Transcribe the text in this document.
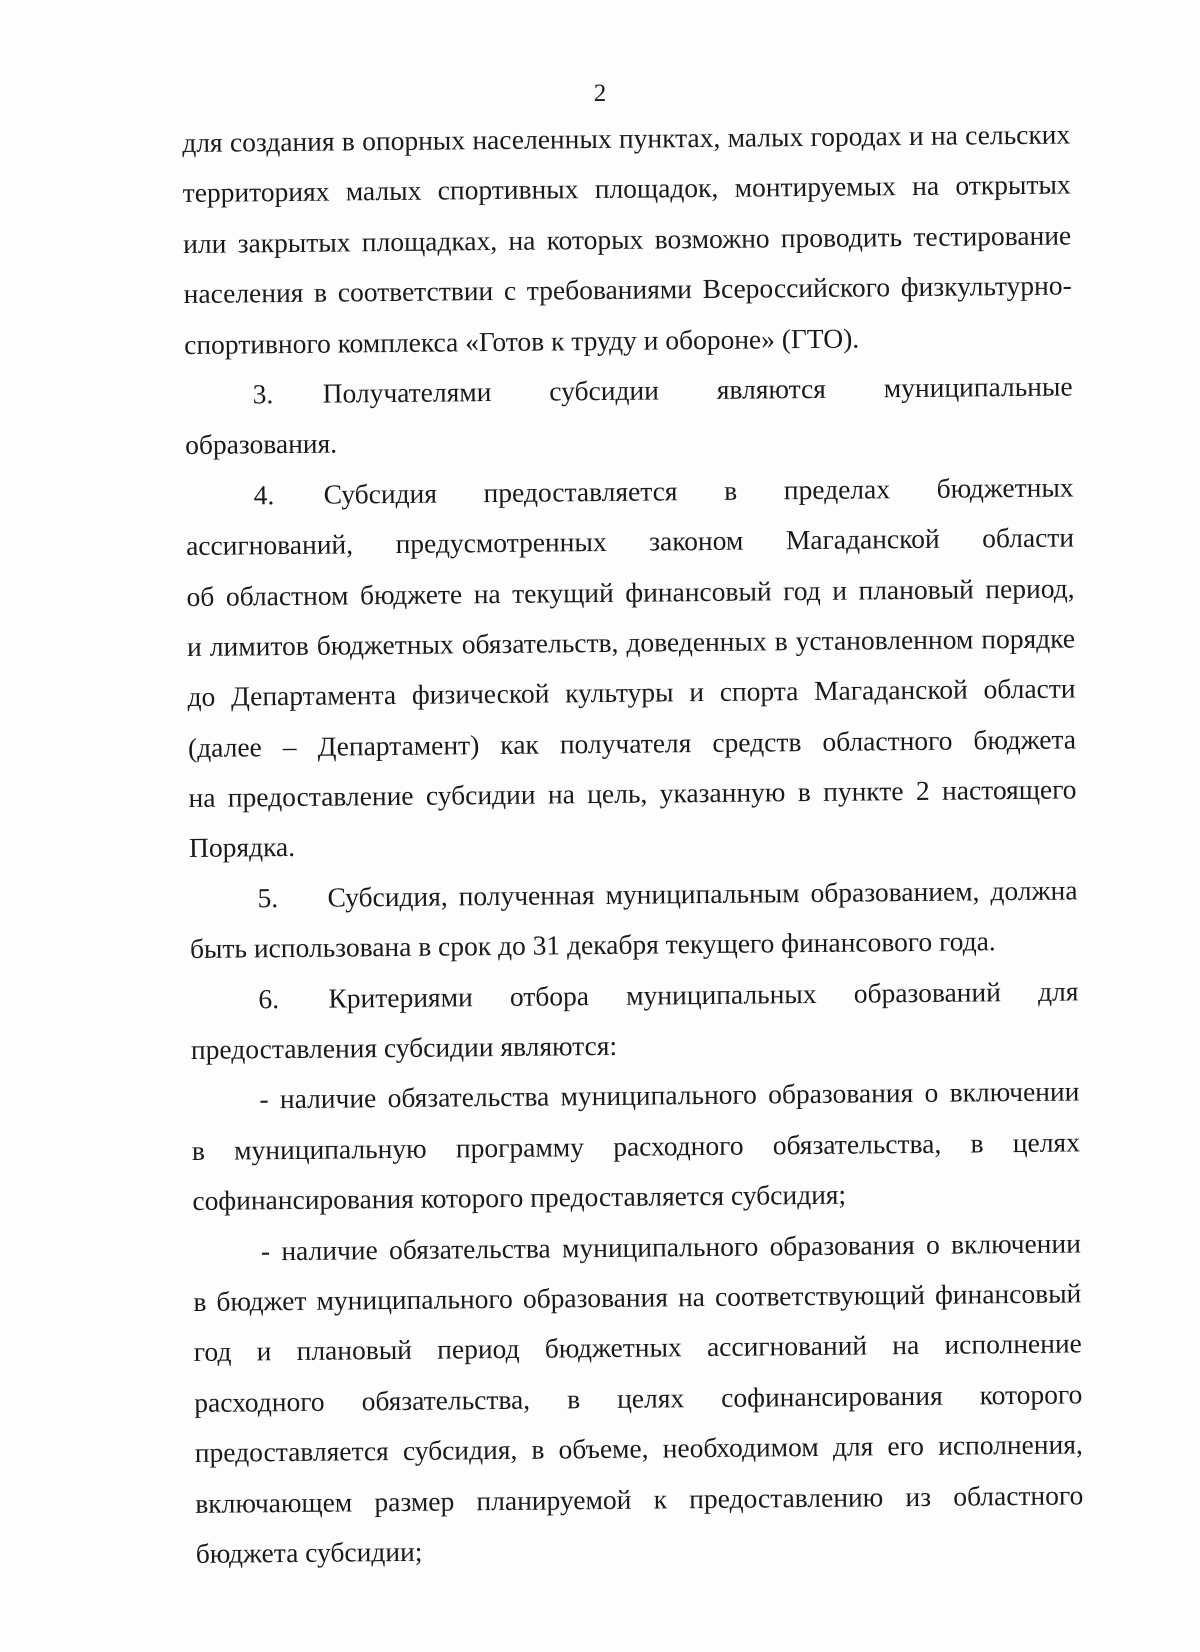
2
для создания в опорных населенных пунктах, малых городах и на сельских
территориях малых спортивных площадок, монтируемых на открытых
или закрытых площадках, на которых возможно проводить тестирование
населения в соответствии с требованиями Всероссийского физкультурно-
спортивного комплекса «Готов к труду и обороне» (ГТО).
3.	Получателями субсидии являются муниципальные
образования.
4.	Субсидия предоставляется в пределах бюджетных
ассигнований, предусмотренных законом Магаданской области
об областном бюджете на текущий финансовый год и плановый период,
и лимитов бюджетных обязательств, доведенных в установленном порядке
до Департамента физической культуры и спорта Магаданской области
(далее – Департамент) как получателя средств областного бюджета
на предоставление субсидии на цель, указанную в пункте 2 настоящего
Порядка.
5.	Субсидия, полученная муниципальным образованием, должна
быть использована в срок до 31 декабря текущего финансового года.
6.	Критериями отбора муниципальных образований для
предоставления субсидии являются:
- наличие обязательства муниципального образования о включении
в муниципальную программу расходного обязательства, в целях
софинансирования которого предоставляется субсидия;
- наличие обязательства муниципального образования о включении
в бюджет муниципального образования на соответствующий финансовый
год и плановый период бюджетных ассигнований на исполнение
расходного обязательства, в целях софинансирования которого
предоставляется субсидия, в объеме, необходимом для его исполнения,
включающем размер планируемой к предоставлению из областного
бюджета субсидии;
